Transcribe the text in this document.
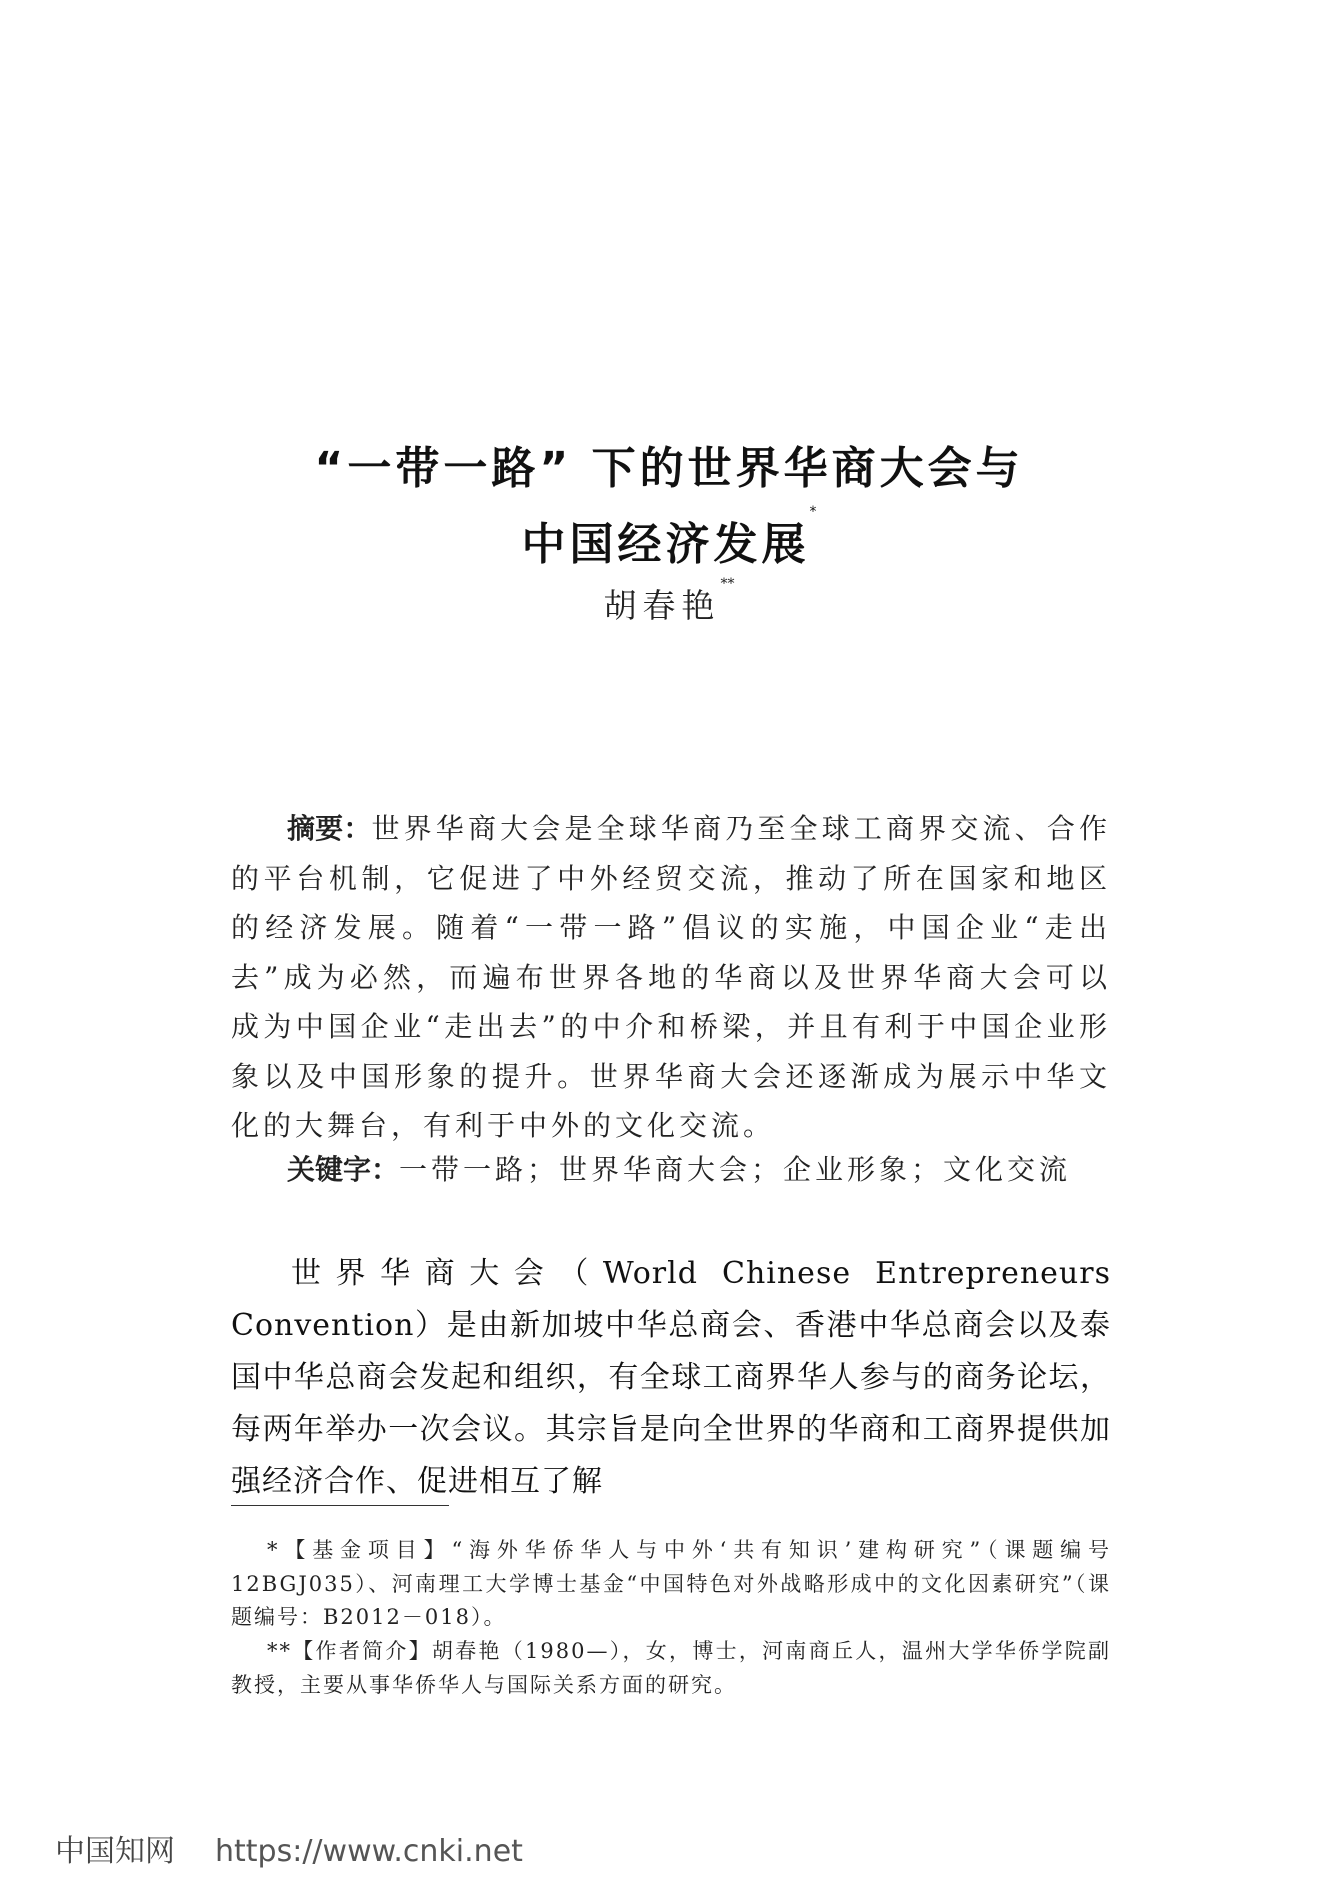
“一带一路” 下的世界华商大会与
中国经济发展*
胡春艳**
摘要：世界华商大会是全球华商乃至全球工商界交流、合作的平台机制，它促进了中外经贸交流，推动了所在国家和地区的经济发展。随着“一带一路”倡议的实施，中国企业“走出去”成为必然，而遍布世界各地的华商以及世界华商大会可以成为中国企业“走出去”的中介和桥梁，并且有利于中国企业形象以及中国形象的提升。世界华商大会还逐渐成为展示中华文化的大舞台，有利于中外的文化交流。
关键字：一带一路；世界华商大会；企业形象；文化交流
世界华商大会（World Chinese Entrepreneurs Convention）是由新加坡中华总商会、香港中华总商会以及泰国中华总商会发起和组织，有全球工商界华人参与的商务论坛，每两年举办一次会议。其宗旨是向全世界的华商和工商界提供加强经济合作、促进相互了解
*【基金项目】“海外华侨华人与中外‘共有知识’建构研究”（课题编号12BGJ035）、河南理工大学博士基金“中国特色对外战略形成中的文化因素研究”（课题编号：B2012－018）。
**【作者简介】胡春艳（1980—），女，博士，河南商丘人，温州大学华侨学院副教授，主要从事华侨华人与国际关系方面的研究。
中国知网 https://www.cnki.net
